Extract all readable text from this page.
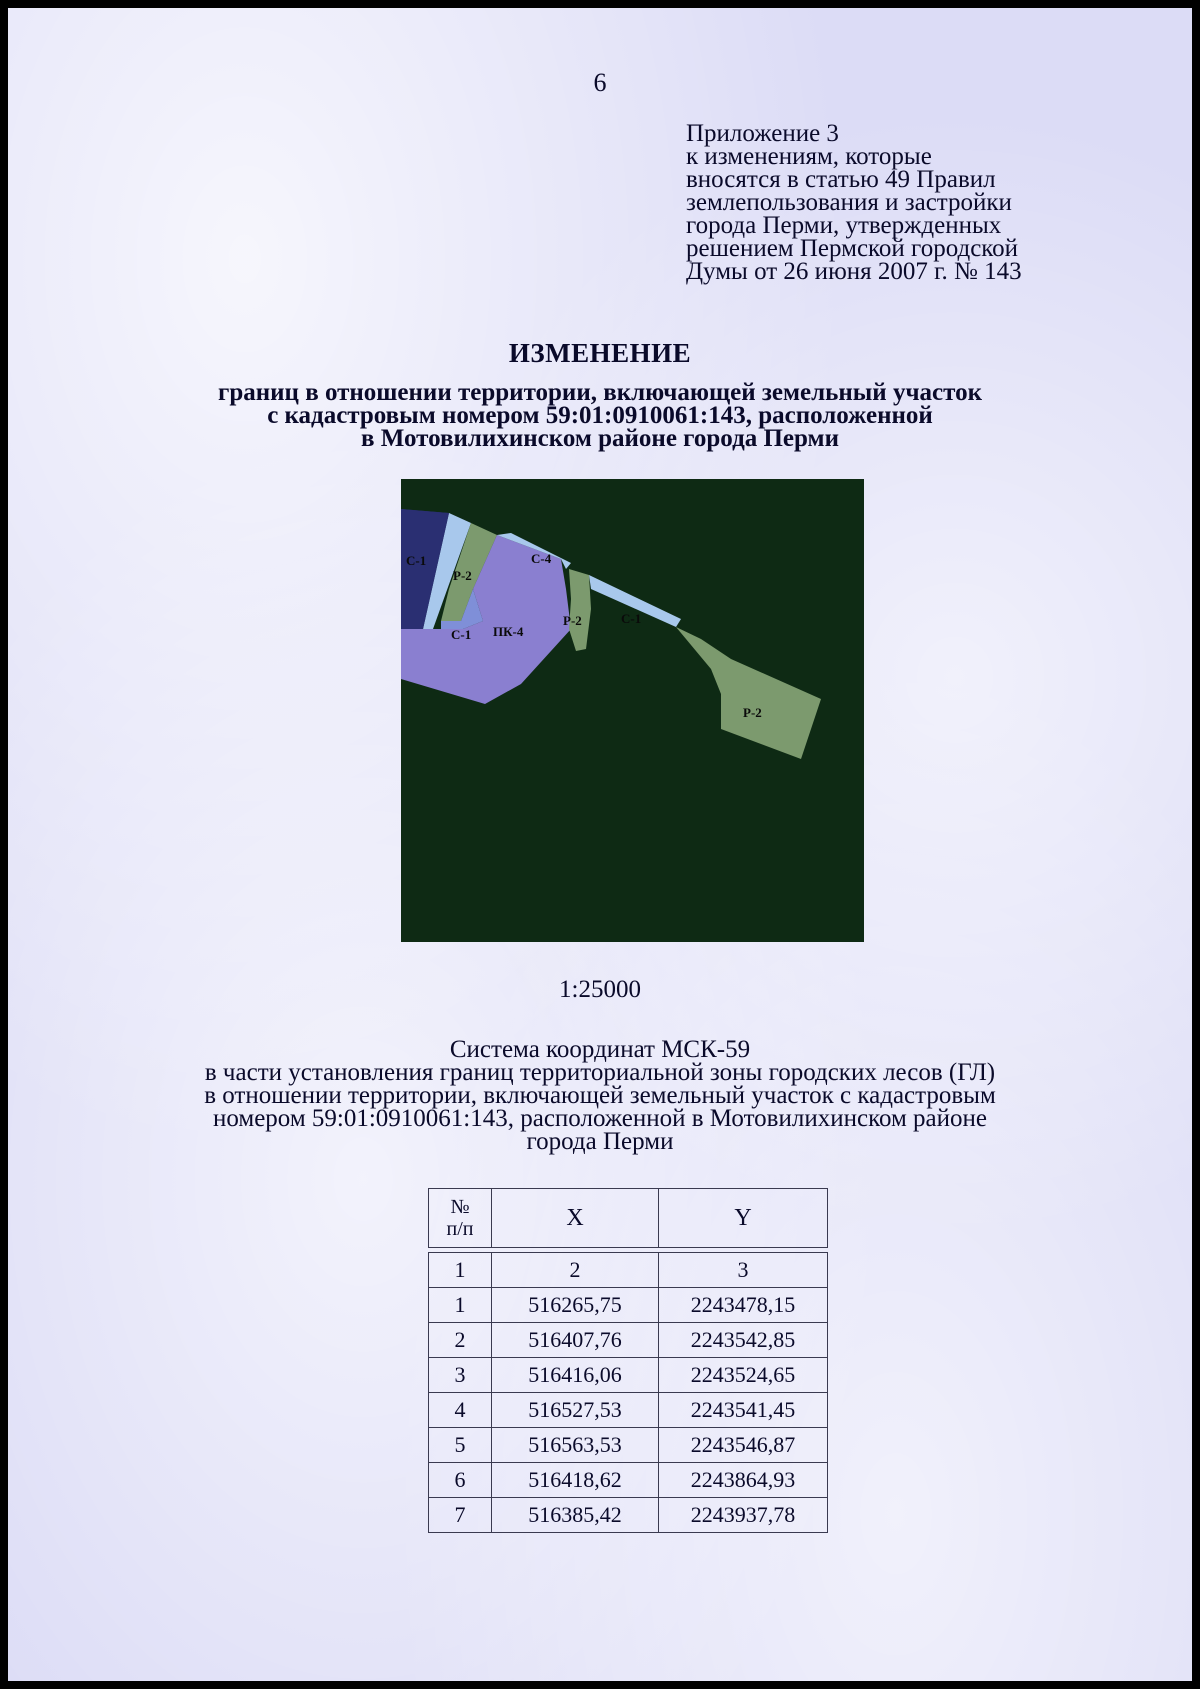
6
Приложение 3
к изменениям, которые
вносятся в статью 49 Правил
землепользования и застройки
города Перми, утвержденных
решением Пермской городской
Думы от 26 июня 2007 г. № 143
ИЗМЕНЕНИЕ
границ в отношении территории, включающей земельный участок
с кадастровым номером 59:01:0910061:143, расположенной
в Мотовилихинском районе города Перми
С-1
Р-2
С-4
С-1 ПК-4
Р-2	С-1
Р-2
1:25000
Система координат МСК-59
в части установления границ территориальной зоны городских лесов (ГЛ)
в отношении территории, включающей земельный участок с кадастровым
номером 59:01:0910061:143, расположенной в Мотовилихинском районе
города Перми
№
п/п	X	Y

1	2	3
1	516265,75	2243478,15
2	516407,76	2243542,85
3	516416,06	2243524,65
4	516527,53	2243541,45
5	516563,53	2243546,87
6	516418,62	2243864,93
7	516385,42	2243937,78
